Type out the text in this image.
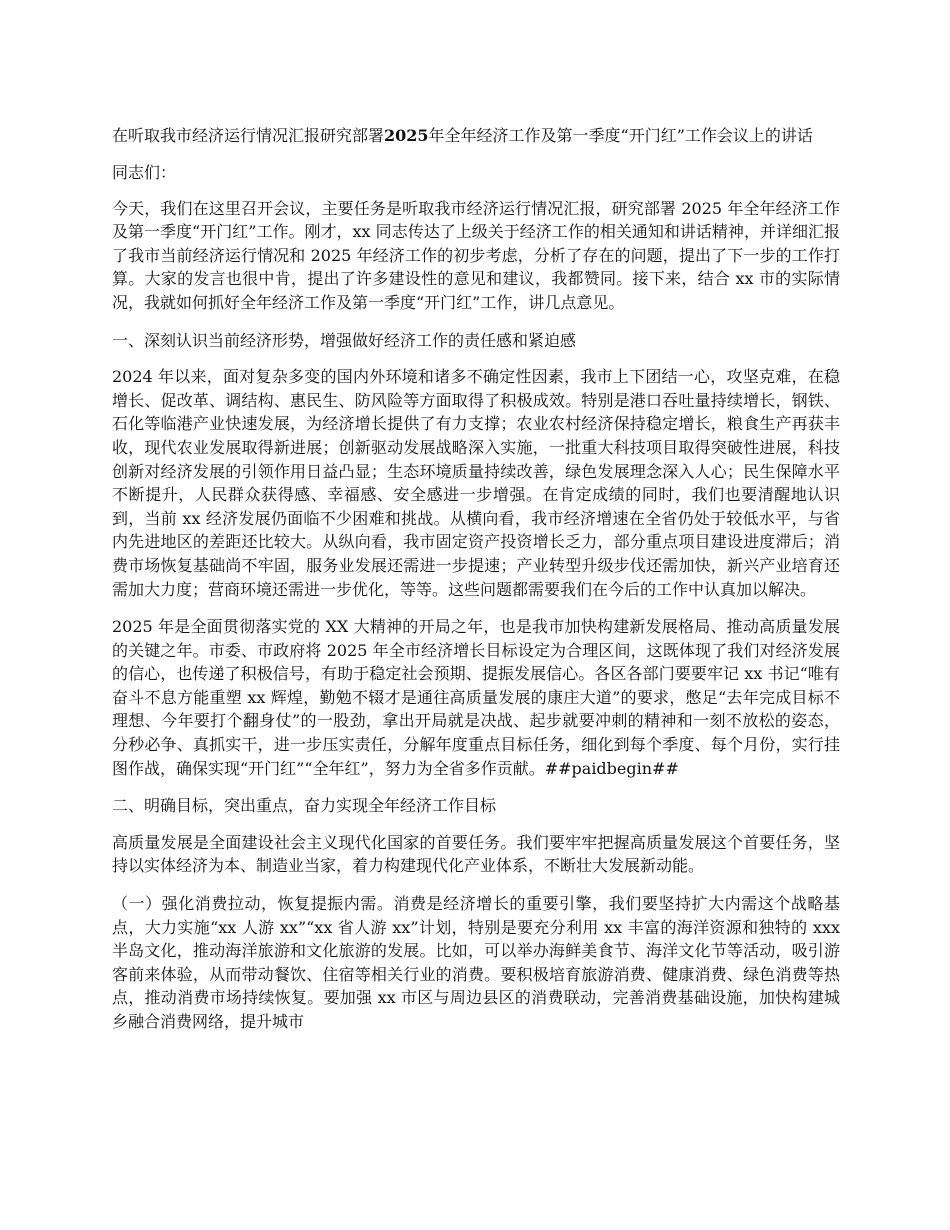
在听取我市经济运行情况汇报研究部署2025年全年经济工作及第一季度“开门红”工作会议上的讲话

同志们：

今天，我们在这里召开会议，主要任务是听取我市经济运行情况汇报，研究部署 2025 年全年经济工作及第一季度“开门红”工作。刚才，xx 同志传达了上级关于经济工作的相关通知和讲话精神，并详细汇报了我市当前经济运行情况和 2025 年经济工作的初步考虑，分析了存在的问题，提出了下一步的工作打算。大家的发言也很中肯，提出了许多建设性的意见和建议，我都赞同。接下来，结合 xx 市的实际情况，我就如何抓好全年经济工作及第一季度“开门红”工作，讲几点意见。

一、深刻认识当前经济形势，增强做好经济工作的责任感和紧迫感

2024 年以来，面对复杂多变的国内外环境和诸多不确定性因素，我市上下团结一心，攻坚克难，在稳增长、促改革、调结构、惠民生、防风险等方面取得了积极成效。特别是港口吞吐量持续增长，钢铁、石化等临港产业快速发展，为经济增长提供了有力支撑；农业农村经济保持稳定增长，粮食生产再获丰收，现代农业发展取得新进展；创新驱动发展战略深入实施，一批重大科技项目取得突破性进展，科技创新对经济发展的引领作用日益凸显；生态环境质量持续改善，绿色发展理念深入人心；民生保障水平不断提升，人民群众获得感、幸福感、安全感进一步增强。在肯定成绩的同时，我们也要清醒地认识到，当前 xx 经济发展仍面临不少困难和挑战。从横向看，我市经济增速在全省仍处于较低水平，与省内先进地区的差距还比较大。从纵向看，我市固定资产投资增长乏力，部分重点项目建设进度滞后；消费市场恢复基础尚不牢固，服务业发展还需进一步提速；产业转型升级步伐还需加快，新兴产业培育还需加大力度；营商环境还需进一步优化，等等。这些问题都需要我们在今后的工作中认真加以解决。

2025 年是全面贯彻落实党的 XX 大精神的开局之年，也是我市加快构建新发展格局、推动高质量发展的关键之年。市委、市政府将 2025 年全市经济增长目标设定为合理区间，这既体现了我们对经济发展的信心，也传递了积极信号，有助于稳定社会预期、提振发展信心。各区各部门要要牢记 xx 书记“唯有奋斗不息方能重塑 xx 辉煌，勤勉不辍才是通往高质量发展的康庄大道”的要求，憋足“去年完成目标不理想、今年要打个翻身仗”的一股劲，拿出开局就是决战、起步就要冲刺的精神和一刻不放松的姿态，分秒必争、真抓实干，进一步压实责任，分解年度重点目标任务，细化到每个季度、每个月份，实行挂图作战，确保实现“开门红”“全年红”，努力为全省多作贡献。##paidbegin##

二、明确目标，突出重点，奋力实现全年经济工作目标

高质量发展是全面建设社会主义现代化国家的首要任务。我们要牢牢把握高质量发展这个首要任务，坚持以实体经济为本、制造业当家，着力构建现代化产业体系，不断壮大发展新动能。

（一）强化消费拉动，恢复提振内需。消费是经济增长的重要引擎，我们要坚持扩大内需这个战略基点，大力实施“xx 人游 xx”“xx 省人游 xx”计划，特别是要充分利用 xx 丰富的海洋资源和独特的 xxx 半岛文化，推动海洋旅游和文化旅游的发展。比如，可以举办海鲜美食节、海洋文化节等活动，吸引游客前来体验，从而带动餐饮、住宿等相关行业的消费。要积极培育旅游消费、健康消费、绿色消费等热点，推动消费市场持续恢复。要加强 xx 市区与周边县区的消费联动，完善消费基础设施，加快构建城乡融合消费网络，提升城市
